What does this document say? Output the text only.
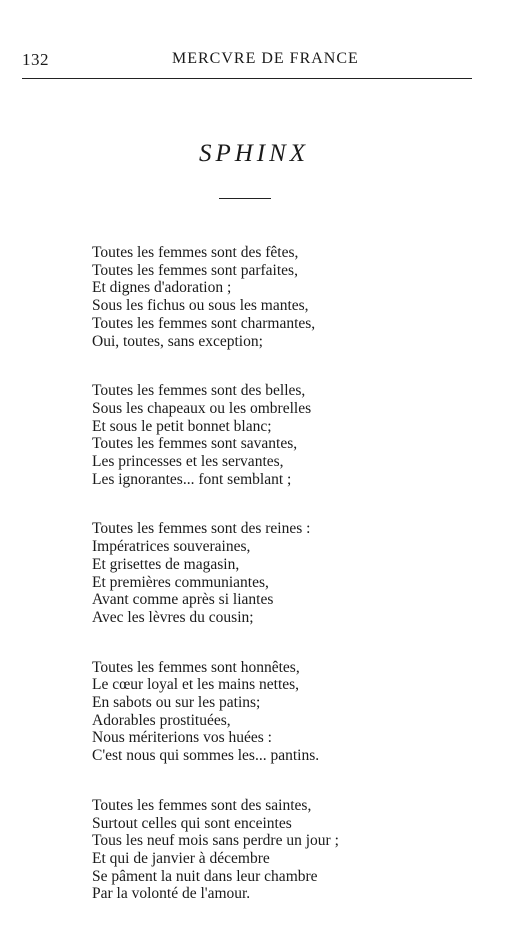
132	MERCVRE DE FRANCE
SPHINX
Toutes les femmes sont des fêtes,
Toutes les femmes sont parfaites,
Et dignes d'adoration ;
Sous les fichus ou sous les mantes,
Toutes les femmes sont charmantes,
Oui, toutes, sans exception;
Toutes les femmes sont des belles,
Sous les chapeaux ou les ombrelles
Et sous le petit bonnet blanc;
Toutes les femmes sont savantes,
Les princesses et les servantes,
Les ignorantes... font semblant ;
Toutes les femmes sont des reines :
Impératrices souveraines,
Et grisettes de magasin,
Et premières communiantes,
Avant comme après si liantes
Avec les lèvres du cousin;
Toutes les femmes sont honnêtes,
Le cœur loyal et les mains nettes,
En sabots ou sur les patins;
Adorables prostituées,
Nous mériterions vos huées :
C'est nous qui sommes les... pantins.
Toutes les femmes sont des saintes,
Surtout celles qui sont enceintes
Tous les neuf mois sans perdre un jour ;
Et qui de janvier à décembre
Se pâment la nuit dans leur chambre
Par la volonté de l'amour.
